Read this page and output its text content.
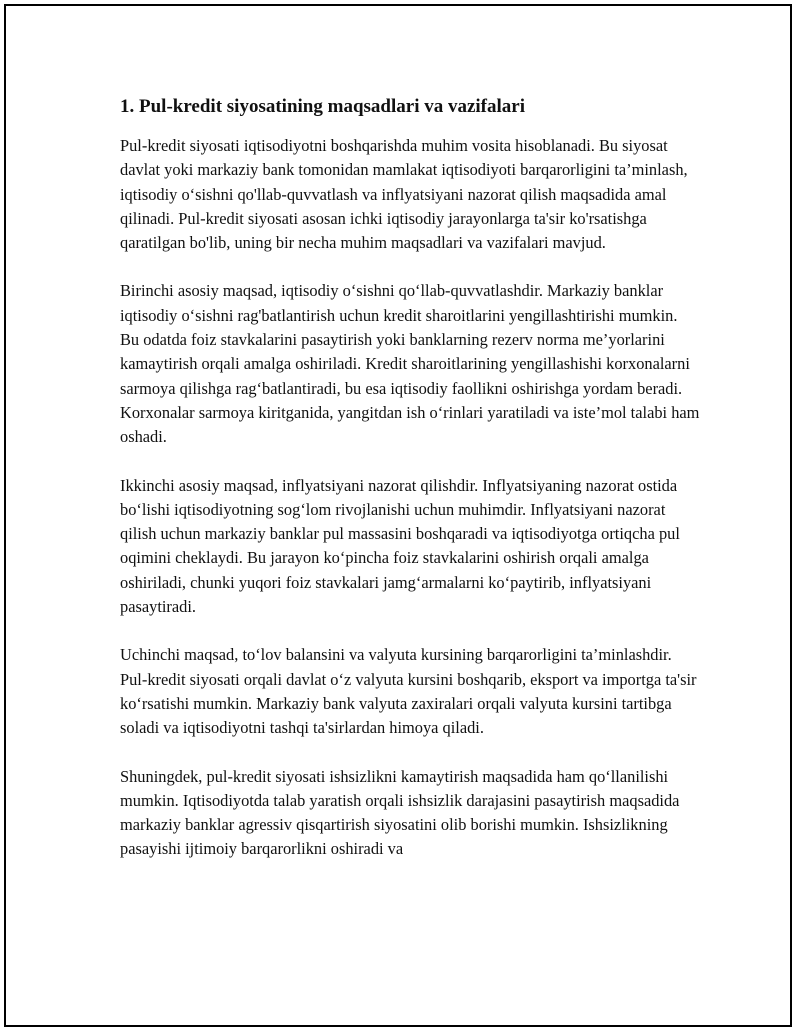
1. Pul-kredit siyosatining maqsadlari va vazifalari

Pul-kredit siyosati iqtisodiyotni boshqarishda muhim vosita hisoblanadi. Bu siyosat davlat yoki markaziy bank tomonidan mamlakat iqtisodiyoti barqarorligini ta’minlash, iqtisodiy o‘sishni qo'llab-quvvatlash va inflyatsiyani nazorat qilish maqsadida amal qilinadi. Pul-kredit siyosati asosan ichki iqtisodiy jarayonlarga ta'sir ko'rsatishga qaratilgan bo'lib, uning bir necha muhim maqsadlari va vazifalari mavjud.

Birinchi asosiy maqsad, iqtisodiy o‘sishni qo‘llab-quvvatlashdir. Markaziy banklar iqtisodiy o‘sishni rag'batlantirish uchun kredit sharoitlarini yengillashtirishi mumkin. Bu odatda foiz stavkalarini pasaytirish yoki banklarning rezerv norma me’yorlarini kamaytirish orqali amalga oshiriladi. Kredit sharoitlarining yengillashishi korxonalarni sarmoya qilishga rag‘batlantiradi, bu esa iqtisodiy faollikni oshirishga yordam beradi. Korxonalar sarmoya kiritganida, yangitdan ish o‘rinlari yaratiladi va iste’mol talabi ham oshadi.

Ikkinchi asosiy maqsad, inflyatsiyani nazorat qilishdir. Inflyatsiyaning nazorat ostida bo‘lishi iqtisodiyotning sog‘lom rivojlanishi uchun muhimdir. Inflyatsiyani nazorat qilish uchun markaziy banklar pul massasini boshqaradi va iqtisodiyotga ortiqcha pul oqimini cheklaydi. Bu jarayon ko‘pincha foiz stavkalarini oshirish orqali amalga oshiriladi, chunki yuqori foiz stavkalari jamg‘armalarni ko‘paytirib, inflyatsiyani pasaytiradi.

Uchinchi maqsad, to‘lov balansini va valyuta kursining barqarorligini ta’minlashdir. Pul-kredit siyosati orqali davlat o‘z valyuta kursini boshqarib, eksport va importga ta'sir ko‘rsatishi mumkin. Markaziy bank valyuta zaxiralari orqali valyuta kursini tartibga soladi va iqtisodiyotni tashqi ta'sirlardan himoya qiladi.

Shuningdek, pul-kredit siyosati ishsizlikni kamaytirish maqsadida ham qo‘llanilishi mumkin. Iqtisodiyotda talab yaratish orqali ishsizlik darajasini pasaytirish maqsadida markaziy banklar agressiv qisqartirish siyosatini olib borishi mumkin. Ishsizlikning pasayishi ijtimoiy barqarorlikni oshiradi va
